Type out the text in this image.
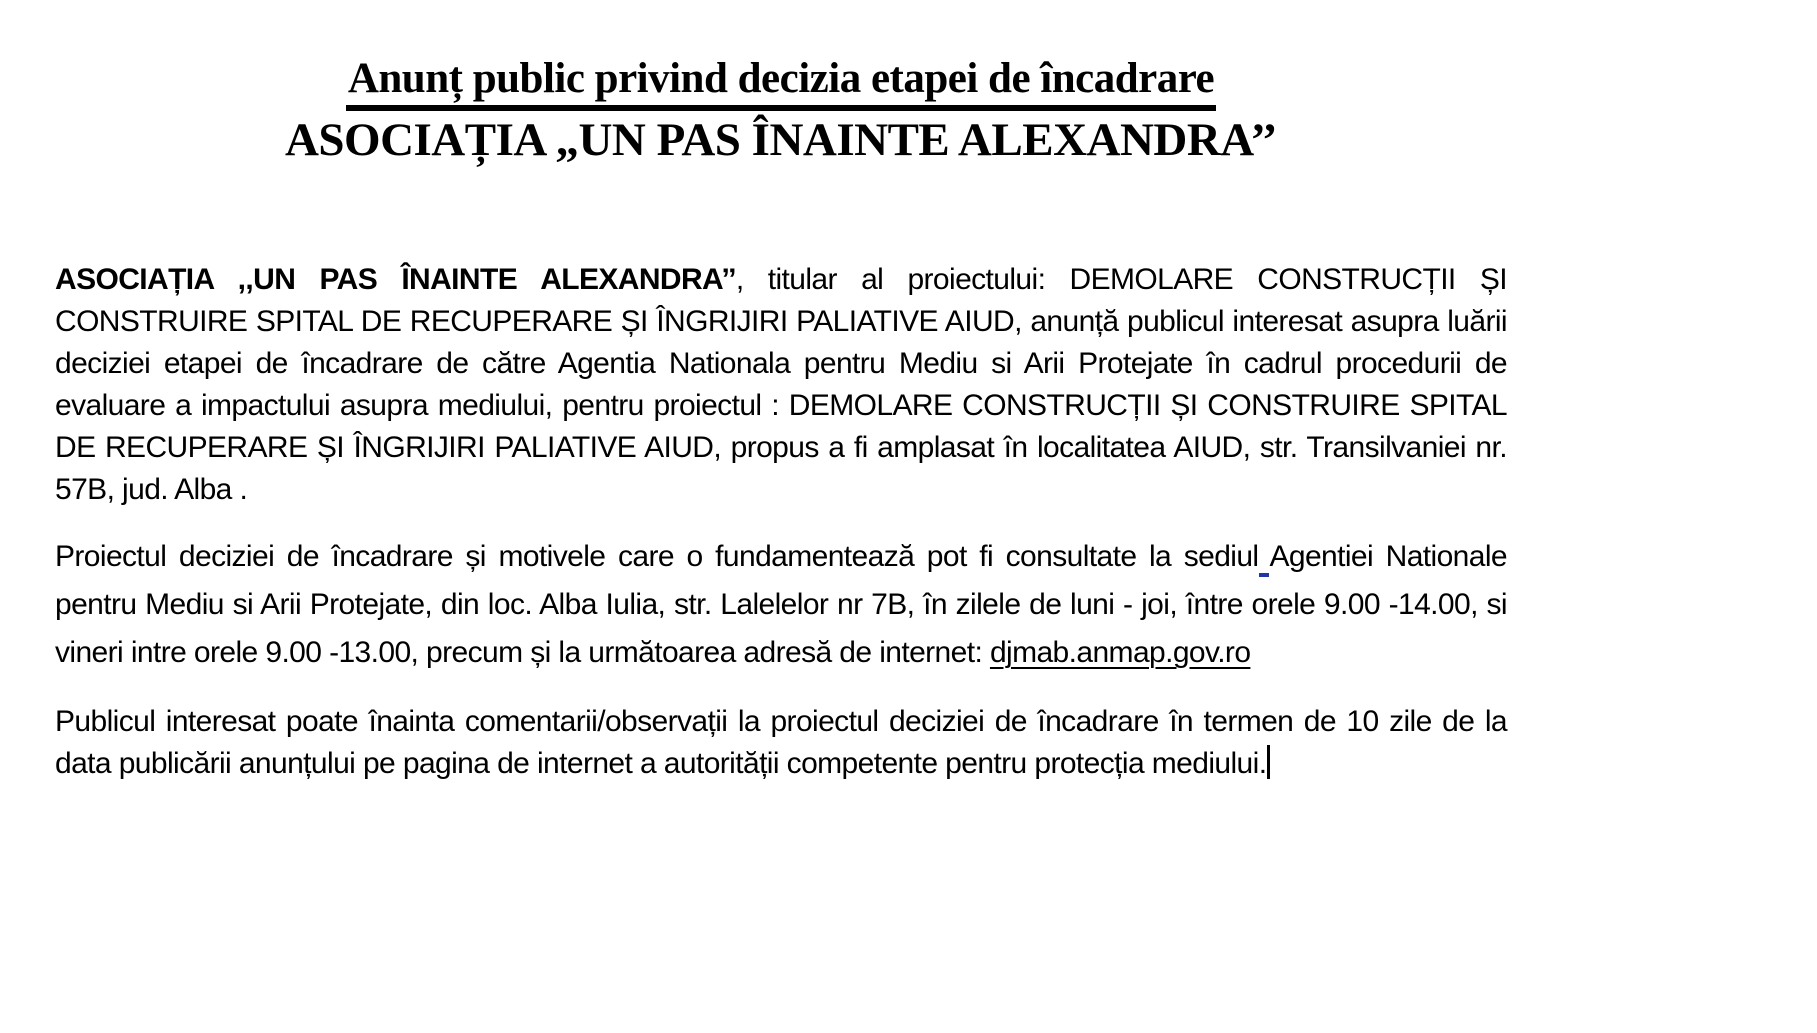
Anunț public privind decizia etapei de încadrare
ASOCIAȚIA „UN PAS ÎNAINTE ALEXANDRA’’

ASOCIAȚIA ,,UN PAS ÎNAINTE ALEXANDRA’’, titular al proiectului: DEMOLARE CONSTRUCȚII ȘI CONSTRUIRE SPITAL DE RECUPERARE ȘI ÎNGRIJIRI PALIATIVE AIUD, anunță publicul interesat asupra luării deciziei etapei de încadrare de către Agentia Nationala pentru Mediu si Arii Protejate în cadrul procedurii de evaluare a impactului asupra mediului, pentru proiectul : DEMOLARE CONSTRUCȚII ȘI CONSTRUIRE SPITAL DE RECUPERARE ȘI ÎNGRIJIRI PALIATIVE AIUD, propus a fi amplasat în localitatea AIUD, str. Transilvaniei nr. 57B, jud. Alba .

Proiectul deciziei de încadrare și motivele care o fundamentează pot fi consultate la sediul Agentiei Nationale pentru Mediu si Arii Protejate, din loc. Alba Iulia, str. Lalelelor nr 7B, în zilele de luni - joi, între orele 9.00 -14.00, si vineri intre orele 9.00 -13.00, precum și la următoarea adresă de internet: djmab.anmap.gov.ro

Publicul interesat poate înainta comentarii/observații la proiectul deciziei de încadrare în termen de 10 zile de la data publicării anunțului pe pagina de internet a autorității competente pentru protecția mediului.
